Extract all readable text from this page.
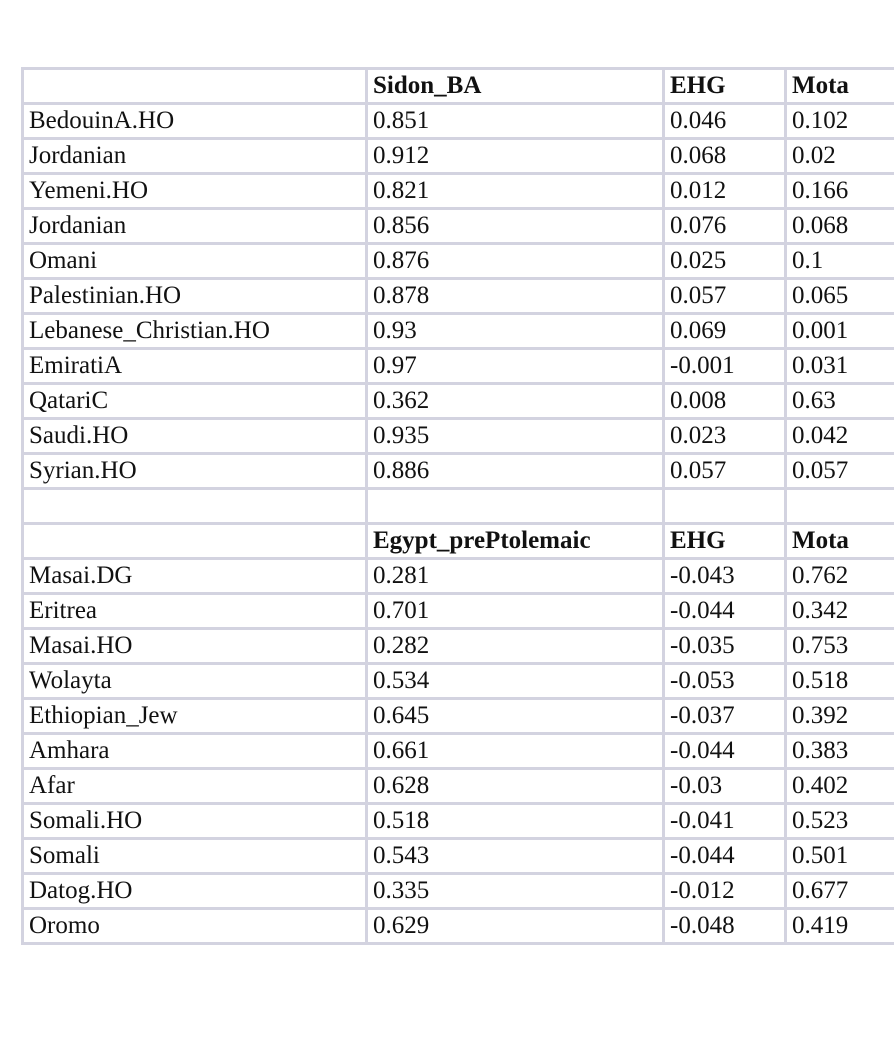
	Sidon_BA	EHG	Mota
BedouinA.HO	0.851	0.046	0.102
Jordanian	0.912	0.068	0.02
Yemeni.HO	0.821	0.012	0.166
Jordanian	0.856	0.076	0.068
Omani	0.876	0.025	0.1
Palestinian.HO	0.878	0.057	0.065
Lebanese_Christian.HO	0.93	0.069	0.001
EmiratiA	0.97	-0.001	0.031
QatariC	0.362	0.008	0.63
Saudi.HO	0.935	0.023	0.042
Syrian.HO	0.886	0.057	0.057

	Egypt_prePtolemaic	EHG	Mota
Masai.DG	0.281	-0.043	0.762
Eritrea	0.701	-0.044	0.342
Masai.HO	0.282	-0.035	0.753
Wolayta	0.534	-0.053	0.518
Ethiopian_Jew	0.645	-0.037	0.392
Amhara	0.661	-0.044	0.383
Afar	0.628	-0.03	0.402
Somali.HO	0.518	-0.041	0.523
Somali	0.543	-0.044	0.501
Datog.HO	0.335	-0.012	0.677
Oromo	0.629	-0.048	0.419
